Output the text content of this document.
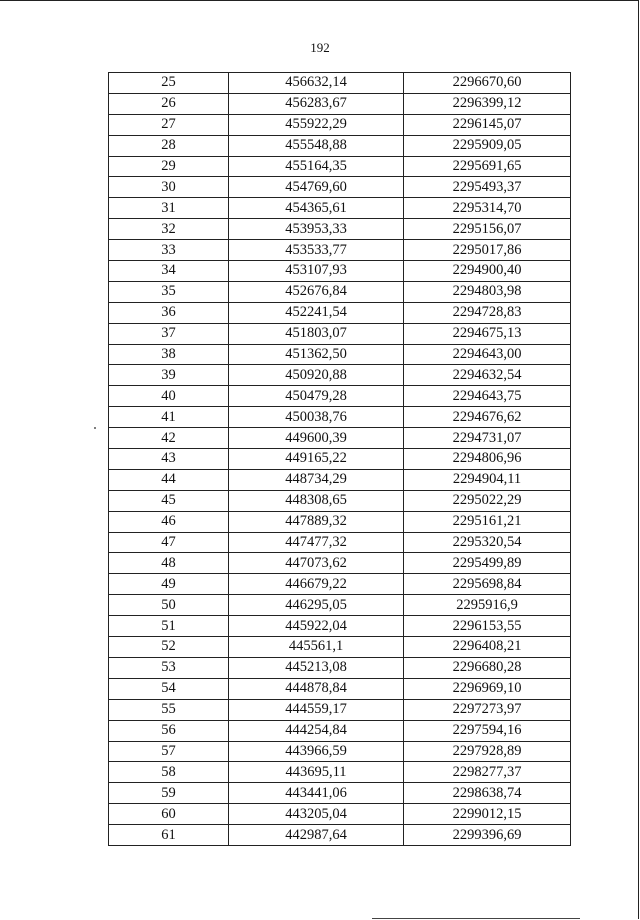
192
25	456632,14	2296670,60
26	456283,67	2296399,12
27	455922,29	2296145,07
28	455548,88	2295909,05
29	455164,35	2295691,65
30	454769,60	2295493,37
31	454365,61	2295314,70
32	453953,33	2295156,07
33	453533,77	2295017,86
34	453107,93	2294900,40
35	452676,84	2294803,98
36	452241,54	2294728,83
37	451803,07	2294675,13
38	451362,50	2294643,00
39	450920,88	2294632,54
40	450479,28	2294643,75
41	450038,76	2294676,62
42	449600,39	2294731,07
43	449165,22	2294806,96
44	448734,29	2294904,11
45	448308,65	2295022,29
46	447889,32	2295161,21
47	447477,32	2295320,54
48	447073,62	2295499,89
49	446679,22	2295698,84
50	446295,05	2295916,9
51	445922,04	2296153,55
52	445561,1	2296408,21
53	445213,08	2296680,28
54	444878,84	2296969,10
55	444559,17	2297273,97
56	444254,84	2297594,16
57	443966,59	2297928,89
58	443695,11	2298277,37
59	443441,06	2298638,74
60	443205,04	2299012,15
61	442987,64	2299396,69
